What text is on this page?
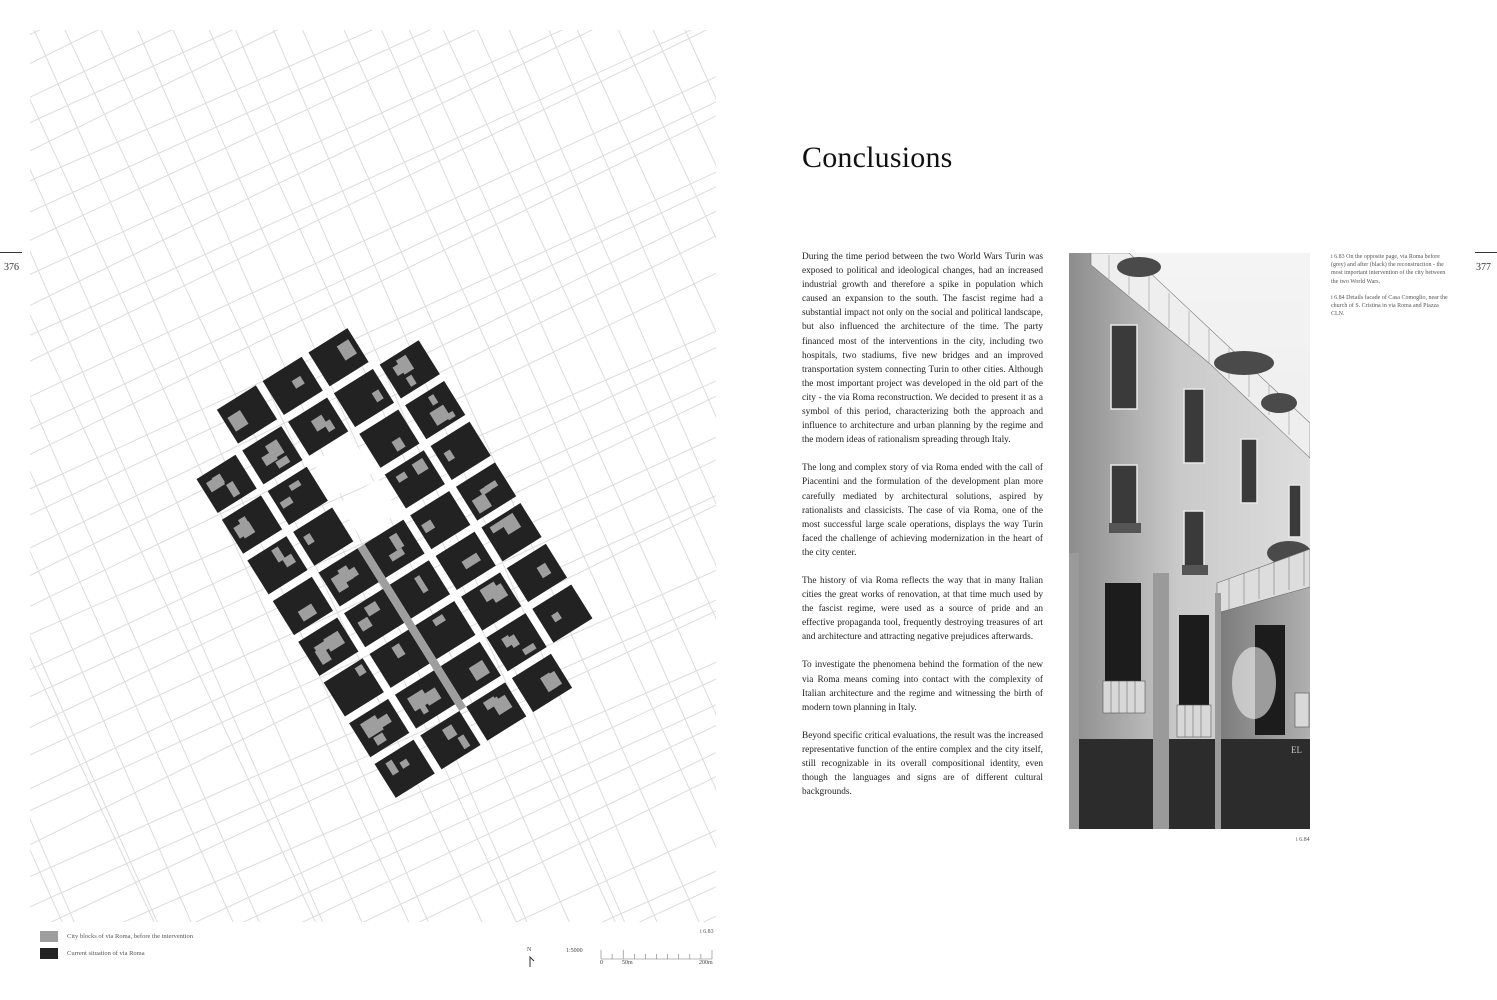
376
City blocks of via Roma, before the intervention
Current situation of via Roma
i 6.83
N	1:5000
0	50m	200m
Conclusions

During the time period between the two World Wars Turin was exposed to political and ideological changes, had an increased industrial growth and therefore a spike in population which caused an expansion to the south. The fascist regime had a substantial impact not only on the social and political landscape, but also influenced the architecture of the time. The party financed most of the interventions in the city, including two hospitals, two stadiums, five new bridges and an improved transportation system connecting Turin to other cities. Although the most important project was developed in the old part of the city - the via Roma reconstruction. We decided to present it as a symbol of this period, characterizing both the approach and influence to architecture and urban planning by the regime and the modern ideas of rationalism spreading through Italy.

The long and complex story of via Roma ended with the call of Piacentini and the formulation of the development plan more carefully mediated by architectural solutions, aspired by rationalists and classicists. The case of via Roma, one of the most successful large scale operations, displays the way Turin faced the challenge of achieving modernization in the heart of the city center.

The history of via Roma reflects the way that in many Italian cities the great works of renovation, at that time much used by the fascist regime, were used as a source of pride and an effective propaganda tool, frequently destroying treasures of art and architecture and attracting negative prejudices afterwards.

To investigate the phenomena behind the formation of the new via Roma means coming into contact with the complexity of Italian architecture and the regime and witnessing the birth of modern town planning in Italy.

Beyond specific critical evaluations, the result was the increased representative function of the entire complex and the city itself, still recognizable in its overall compositional identity, even though the languages and signs are of different cultural backgrounds.

EL
i 6.84

i 6.83 On the opposite page, via Roma before (grey) and after (black) the reconstruction - the most important intervention of the city between the two World Wars.

i 6.84 Details facade of Casa Comoglio, near the church of S. Cristina in via Roma and Piazza CLN.

377
